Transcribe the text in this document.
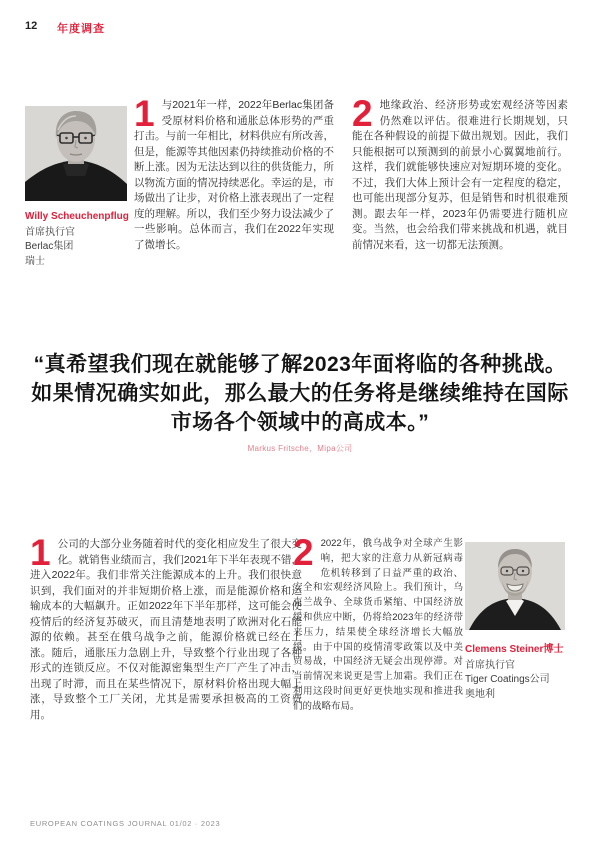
12 年度调查
Willy Scheuchenpflug
首席执行官
Berlac集团
瑞士
1 与2021年一样，2022年Berlac集团备受原材料价格和通胀总体形势的严重打击。与前一年相比，材料供应有所改善，但是，能源等其他因素仍持续推动价格的不断上涨。因为无法达到以往的供货能力，所以物流方面的情况持续恶化。幸运的是，市场做出了让步，对价格上涨表现出了一定程度的理解。所以，我们至少努力设法减少了一些影响。总体而言，我们在2022年实现了微增长。
2 地缘政治、经济形势或宏观经济等因素仍然难以评估。很难进行长期规划，只能在各种假设的前提下做出规划。因此，我们只能根据可以预测到的前景小心翼翼地前行。这样，我们就能够快速应对短期环境的变化。不过，我们大体上预计会有一定程度的稳定，也可能出现部分复苏，但是销售和时机很难预测。跟去年一样，2023年仍需要进行随机应变。当然，也会给我们带来挑战和机遇，就目前情况来看，这一切都无法预测。
“真希望我们现在就能够了解2023年面将临的各种挑战。如果情况确实如此，那么最大的任务将是继续维持在国际市场各个领域中的高成本。”
Markus Fritsche，Mipa公司
1 公司的大部分业务随着时代的变化相应发生了很大变化。就销售业绩而言，我们2021年下半年表现不错，进入2022年。我们非常关注能源成本的上升。我们很快意识到，我们面对的并非短期价格上涨，而是能源价格和运输成本的大幅飙升。正如2022年下半年那样，这可能会使疫情后的经济复苏破灭，而且清楚地表明了欧洲对化石能源的依赖。甚至在俄乌战争之前，能源价格就已经在上涨。随后，通胀压力急剧上升，导致整个行业出现了各种形式的连锁反应。不仅对能源密集型生产厂产生了冲击，出现了时滞，而且在某些情况下，原材料价格出现大幅上涨，导致整个工厂关闭，尤其是需要承担极高的工资费用。
2 2022年，俄乌战争对全球产生影响，把大家的注意力从新冠病毒危机转移到了日益严重的政治、安全和宏观经济风险上。我们预计，乌克兰战争、全球货币紧缩、中国经济放缓和供应中断，仍将给2023年的经济带来压力，结果使全球经济增长大幅放缓。由于中国的疫情清零政策以及中美贸易战，中国经济无疑会出现停滞。对当前情况来说更是雪上加霜。我们正在利用这段时间更好更快地实现和推进我们的战略布局。
Clemens Steiner博士
首席执行官
Tiger Coatings公司
奥地利
EUROPEAN COATINGS JOURNAL 01/02 · 2023
